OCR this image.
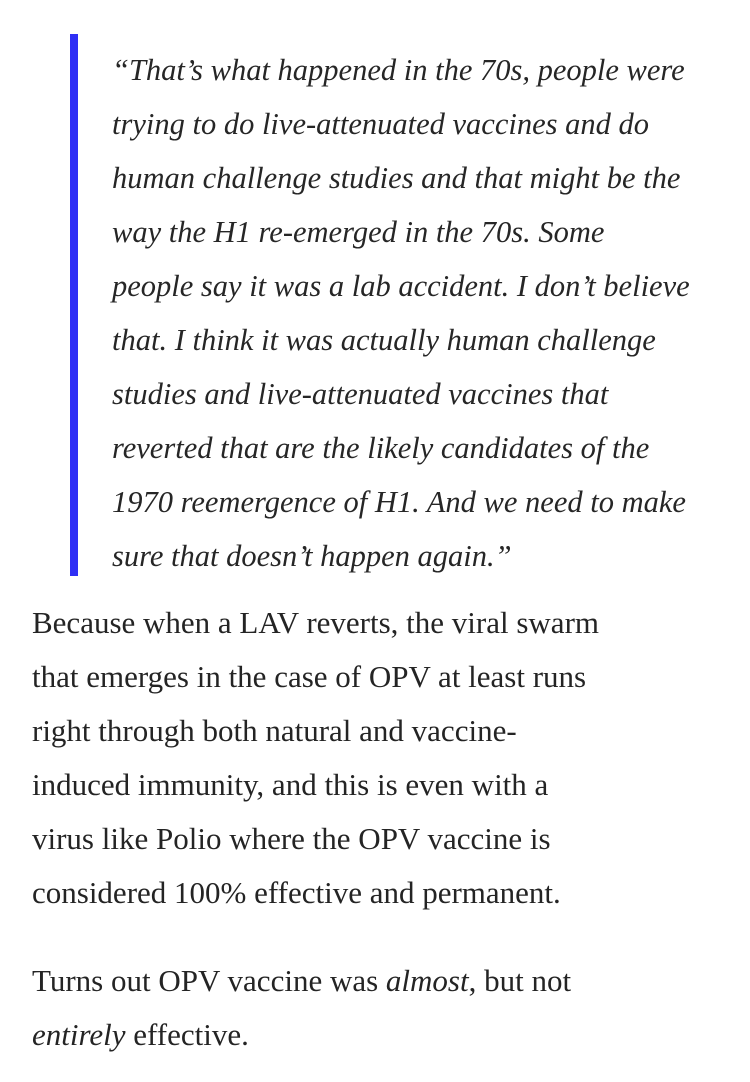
“That’s what happened in the 70s, people were
trying to do live-attenuated vaccines and do
human challenge studies and that might be the
way the H1 re-emerged in the 70s. Some
people say it was a lab accident. I don’t believe
that. I think it was actually human challenge
studies and live-attenuated vaccines that
reverted that are the likely candidates of the
1970 reemergence of H1. And we need to make
sure that doesn’t happen again.”

Because when a LAV reverts, the viral swarm
that emerges in the case of OPV at least runs
right through both natural and vaccine-
induced immunity, and this is even with a
virus like Polio where the OPV vaccine is
considered 100% effective and permanent.

Turns out OPV vaccine was almost, but not
entirely effective.
